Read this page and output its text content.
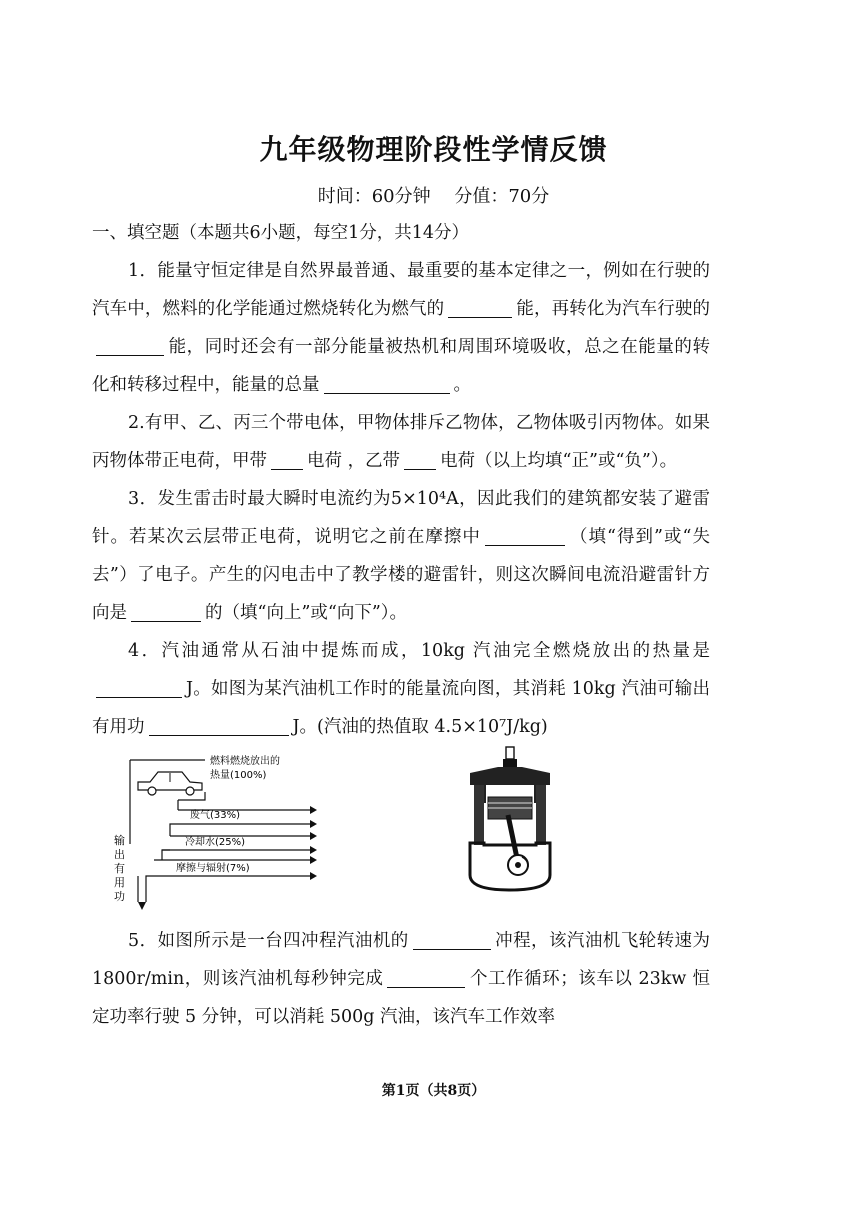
九年级物理阶段性学情反馈
时间：60分钟　 分值：70分
一、填空题（本题共6小题，每空1分，共14分）
1．能量守恒定律是自然界最普通、最重要的基本定律之一，例如在行驶的汽车中，燃料的化学能通过燃烧转化为燃气的	能，再转化为汽车行驶的能，同时还会有一部分能量被热机和周围环境吸收，总之在能量的转化和转移过程中，能量的总量	。
2.有甲、乙、丙三个带电体，甲物体排斥乙物体，乙物体吸引丙物体。如果丙物体带正电荷，甲带 电荷 ，乙带 电荷（以上均填“正”或“负”）。
3．发生雷击时最大瞬时电流约为5×10⁴A，因此我们的建筑都安装了避雷针。若某次云层带正电荷，说明它之前在摩擦中	（填“得到”或“失去”）了电子。产生的闪电击中了教学楼的避雷针，则这次瞬间电流沿避雷针方向是	的（填“向上”或“向下”）。
4．汽油通常从石油中提炼而成，10kg 汽油完全燃烧放出的热量是J。如图为某汽油机工作时的能量流向图，其消耗 10kg 汽油可输出有用功	J。(汽油的热值取 4.5×10⁷J/kg)
燃料燃烧放出的
热量(100%)
废气(33%)
冷却水(25%)
摩擦与辐射(7%)
输
出
有
用
功
5．如图所示是一台四冲程汽油机的	冲程，该汽油机飞轮转速为 1800r/min，则该汽油机每秒钟完成	个工作循环；该车以 23kw 恒定功率行驶 5 分钟，可以消耗 500g 汽油，该汽车工作效率
第1页（共8页）
